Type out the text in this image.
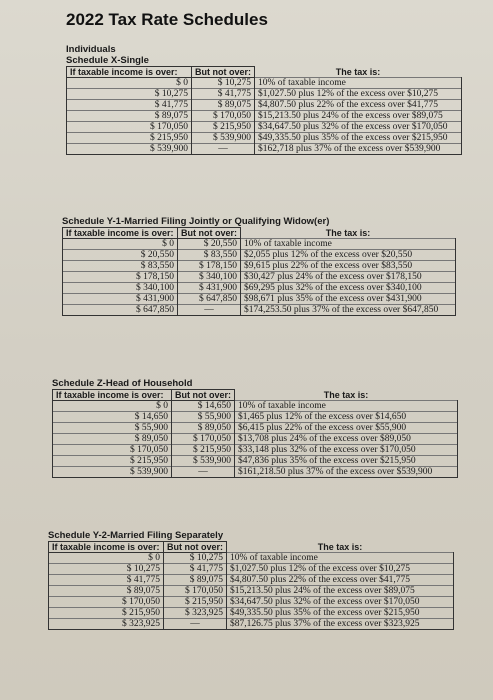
2022 Tax Rate Schedules
Individuals
Schedule X-Single
If taxable income is over:	But not over:	The tax is:
$ 0	$ 10,275	10% of taxable income
$ 10,275	$ 41,775	$1,027.50 plus 12% of the excess over $10,275
$ 41,775	$ 89,075	$4,807.50 plus 22% of the excess over $41,775
$ 89,075	$ 170,050	$15,213.50 plus 24% of the excess over $89,075
$ 170,050	$ 215,950	$34,647.50 plus 32% of the excess over $170,050
$ 215,950	$ 539,900	$49,335.50 plus 35% of the excess over $215,950
$ 539,900	—	$162,718 plus 37% of the excess over $539,900
Schedule Y-1-Married Filing Jointly or Qualifying Widow(er)
If taxable income is over:	But not over:	The tax is:
$ 0	$ 20,550	10% of taxable income
$ 20,550	$ 83,550	$2,055 plus 12% of the excess over $20,550
$ 83,550	$ 178,150	$9,615 plus 22% of the excess over $83,550
$ 178,150	$ 340,100	$30,427 plus 24% of the excess over $178,150
$ 340,100	$ 431,900	$69,295 plus 32% of the excess over $340,100
$ 431,900	$ 647,850	$98,671 plus 35% of the excess over $431,900
$ 647,850	—	$174,253.50 plus 37% of the excess over $647,850
Schedule Z-Head of Household
If taxable income is over:	But not over:	The tax is:
$ 0	$ 14,650	10% of taxable income
$ 14,650	$ 55,900	$1,465 plus 12% of the excess over $14,650
$ 55,900	$ 89,050	$6,415 plus 22% of the excess over $55,900
$ 89,050	$ 170,050	$13,708 plus 24% of the excess over $89,050
$ 170,050	$ 215,950	$33,148 plus 32% of the excess over $170,050
$ 215,950	$ 539,900	$47,836 plus 35% of the excess over $215,950
$ 539,900	—	$161,218.50 plus 37% of the excess over $539,900
Schedule Y-2-Married Filing Separately
If taxable income is over:	But not over:	The tax is:
$ 0	$ 10,275	10% of taxable income
$ 10,275	$ 41,775	$1,027.50 plus 12% of the excess over $10,275
$ 41,775	$ 89,075	$4,807.50 plus 22% of the excess over $41,775
$ 89,075	$ 170,050	$15,213.50 plus 24% of the excess over $89,075
$ 170,050	$ 215,950	$34,647.50 plus 32% of the excess over $170,050
$ 215,950	$ 323,925	$49,335.50 plus 35% of the excess over $215,950
$ 323,925	—	$87,126.75 plus 37% of the excess over $323,925
